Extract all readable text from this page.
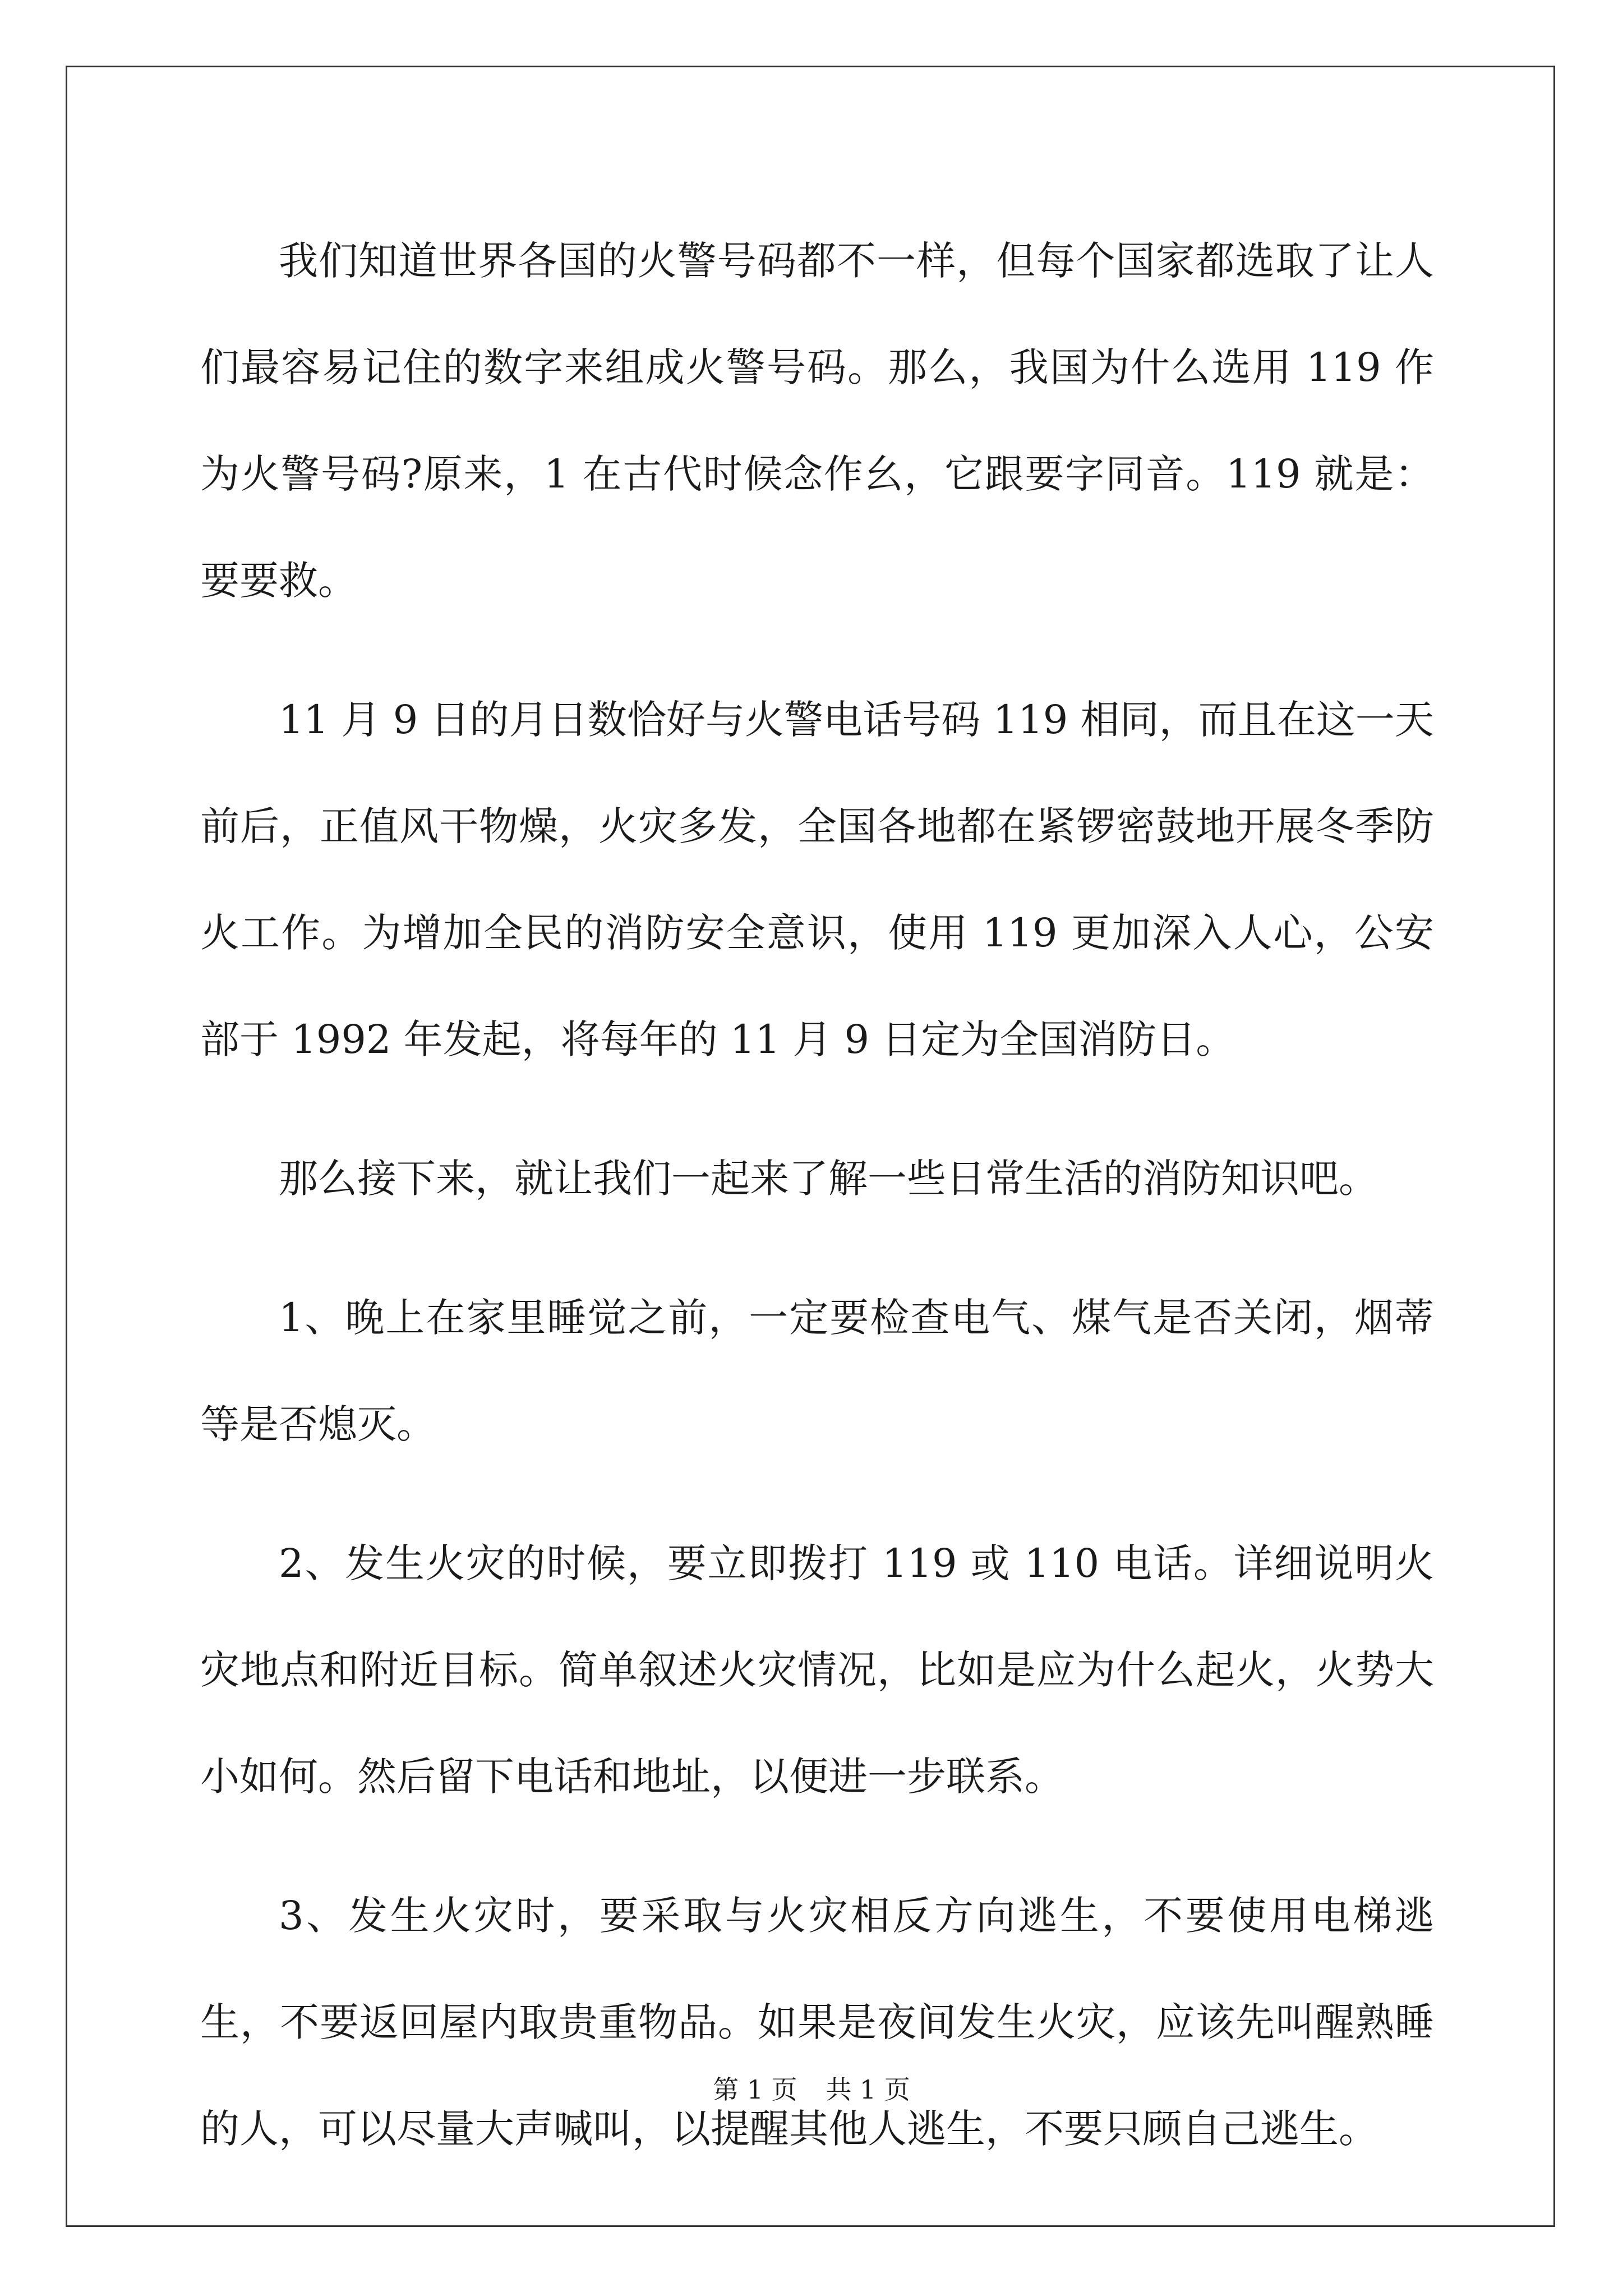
我们知道世界各国的火警号码都不一样，但每个国家都选取了让人们最容易记住的数字来组成火警号码。那么，我国为什么选用 119 作为火警号码?原来，1 在古代时候念作幺，它跟要字同音。119 就是：要要救。

11 月 9 日的月日数恰好与火警电话号码 119 相同，而且在这一天前后，正值风干物燥，火灾多发，全国各地都在紧锣密鼓地开展冬季防火工作。为增加全民的消防安全意识，使用 119 更加深入人心，公安部于 1992 年发起，将每年的 11 月 9 日定为全国消防日。

那么接下来，就让我们一起来了解一些日常生活的消防知识吧。

1、晚上在家里睡觉之前，一定要检查电气、煤气是否关闭，烟蒂等是否熄灭。

2、发生火灾的时候，要立即拨打 119 或 110 电话。详细说明火灾地点和附近目标。简单叙述火灾情况，比如是应为什么起火，火势大小如何。然后留下电话和地址，以便进一步联系。

3、发生火灾时，要采取与火灾相反方向逃生，不要使用电梯逃生，不要返回屋内取贵重物品。如果是夜间发生火灾，应该先叫醒熟睡的人，可以尽量大声喊叫，以提醒其他人逃生，不要只顾自己逃生。

第 1 页 共 1 页
